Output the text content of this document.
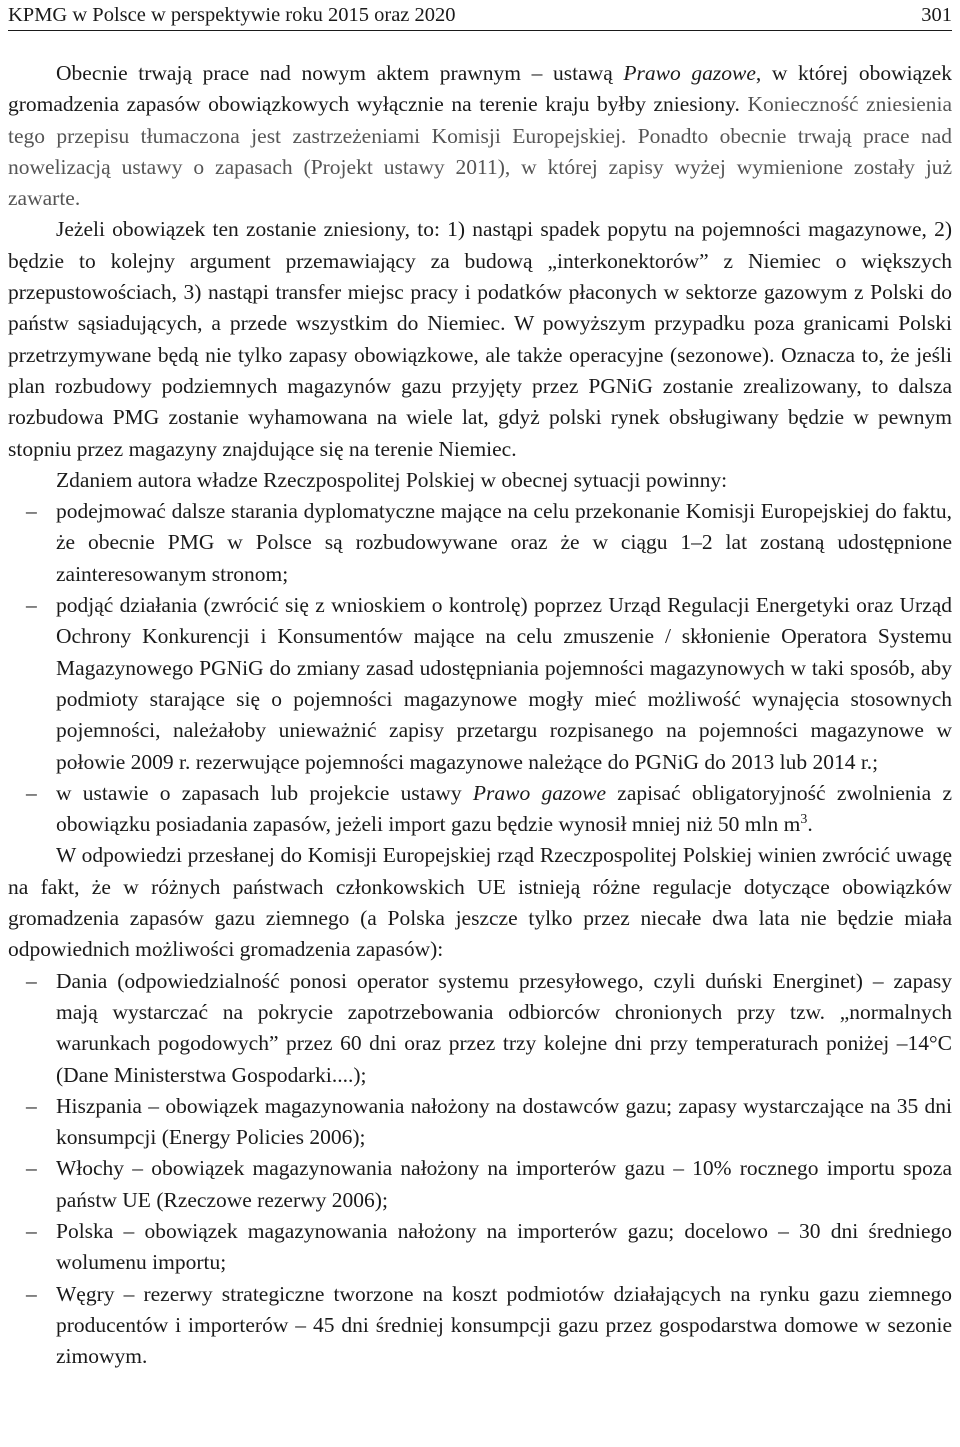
KPMG w Polsce w perspektywie roku 2015 oraz 2020	301

Obecnie trwają prace nad nowym aktem prawnym – ustawą Prawo gazowe, w której obowiązek gromadzenia zapasów obowiązkowych wyłącznie na terenie kraju byłby zniesiony. Konieczność zniesienia tego przepisu tłumaczona jest zastrzeżeniami Komisji Europejskiej. Ponadto obecnie trwają prace nad nowelizacją ustawy o zapasach (Projekt ustawy 2011), w której zapisy wyżej wymienione zostały już zawarte.

Jeżeli obowiązek ten zostanie zniesiony, to: 1) nastąpi spadek popytu na pojemności magazynowe, 2) będzie to kolejny argument przemawiający za budową „interkonektorów” z Niemiec o większych przepustowościach, 3) nastąpi transfer miejsc pracy i podatków płaconych w sektorze gazowym z Polski do państw sąsiadujących, a przede wszystkim do Niemiec. W powyższym przypadku poza granicami Polski przetrzymywane będą nie tylko zapasy obowiązkowe, ale także operacyjne (sezonowe). Oznacza to, że jeśli plan rozbudowy podziemnych magazynów gazu przyjęty przez PGNiG zostanie zrealizowany, to dalsza rozbudowa PMG zostanie wyhamowana na wiele lat, gdyż polski rynek obsługiwany będzie w pewnym stopniu przez magazyny znajdujące się na terenie Niemiec.

Zdaniem autora władze Rzeczpospolitej Polskiej w obecnej sytuacji powinny:

– podejmować dalsze starania dyplomatyczne mające na celu przekonanie Komisji Europejskiej do faktu, że obecnie PMG w Polsce są rozbudowywane oraz że w ciągu 1–2 lat zostaną udostępnione zainteresowanym stronom;
– podjąć działania (zwrócić się z wnioskiem o kontrolę) poprzez Urząd Regulacji Energetyki oraz Urząd Ochrony Konkurencji i Konsumentów mające na celu zmuszenie / skłonienie Operatora Systemu Magazynowego PGNiG do zmiany zasad udostępniania pojemności magazynowych w taki sposób, aby podmioty starające się o pojemności magazynowe mogły mieć możliwość wynajęcia stosownych pojemności, należałoby unieważnić zapisy przetargu rozpisanego na pojemności magazynowe w połowie 2009 r. rezerwujące pojemności magazynowe należące do PGNiG do 2013 lub 2014 r.;
– w ustawie o zapasach lub projekcie ustawy Prawo gazowe zapisać obligatoryjność zwolnienia z obowiązku posiadania zapasów, jeżeli import gazu będzie wynosił mniej niż 50 mln $m^3$.

W odpowiedzi przesłanej do Komisji Europejskiej rząd Rzeczpospolitej Polskiej winien zwrócić uwagę na fakt, że w różnych państwach członkowskich UE istnieją różne regulacje dotyczące obowiązków gromadzenia zapasów gazu ziemnego (a Polska jeszcze tylko przez niecałe dwa lata nie będzie miała odpowiednich możliwości gromadzenia zapasów):

– Dania (odpowiedzialność ponosi operator systemu przesyłowego, czyli duński Energinet) – zapasy mają wystarczać na pokrycie zapotrzebowania odbiorców chronionych przy tzw. „normalnych warunkach pogodowych” przez 60 dni oraz przez trzy kolejne dni przy temperaturach poniżej –14°C (Dane Ministerstwa Gospodarki....);
– Hiszpania – obowiązek magazynowania nałożony na dostawców gazu; zapasy wystarczające na 35 dni konsumpcji (Energy Policies 2006);
– Włochy – obowiązek magazynowania nałożony na importerów gazu – 10% rocznego importu spoza państw UE (Rzeczowe rezerwy 2006);
– Polska – obowiązek magazynowania nałożony na importerów gazu; docelowo – 30 dni średniego wolumenu importu;
– Węgry – rezerwy strategiczne tworzone na koszt podmiotów działających na rynku gazu ziemnego producentów i importerów – 45 dni średniej konsumpcji gazu przez gospodarstwa domowe w sezonie zimowym.
